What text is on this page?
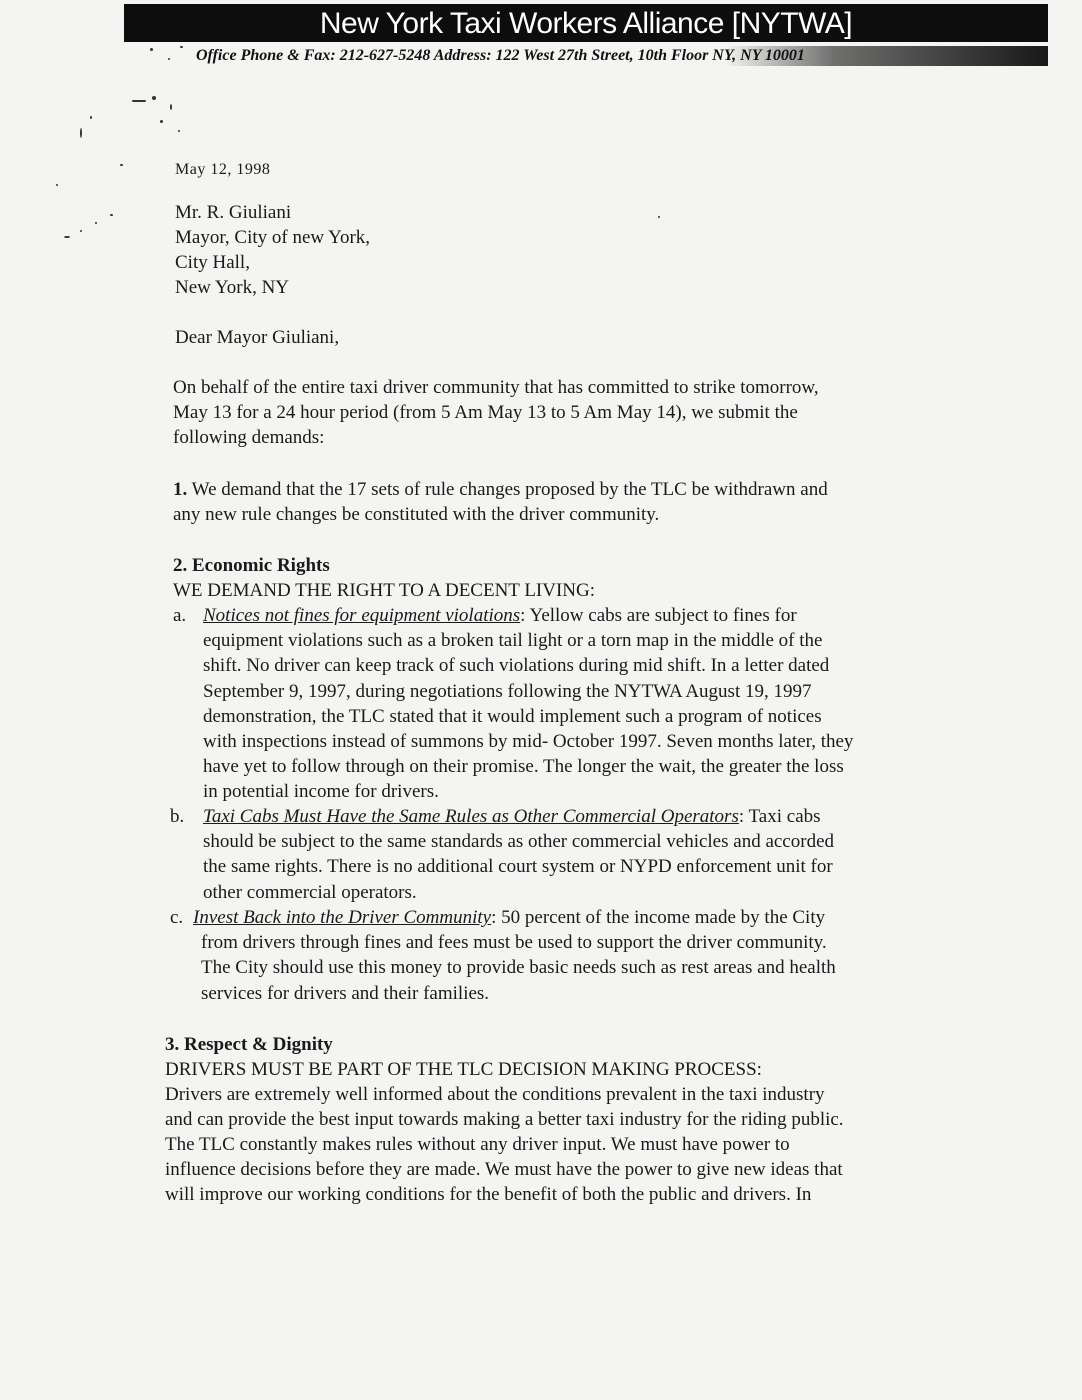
New York Taxi Workers Alliance [NYTWA]
Office Phone & Fax: 212-627-5248 Address: 122 West 27th Street, 10th Floor NY, NY 10001
May 12, 1998
Mr. R. Giuliani
Mayor, City of new York,
City Hall,
New York, NY
Dear Mayor Giuliani,
On behalf of the entire taxi driver community that has committed to strike tomorrow,
May 13 for a 24 hour period (from 5 Am May 13 to 5 Am May 14), we submit the
following demands:
1. We demand that the 17 sets of rule changes proposed by the TLC be withdrawn and
any new rule changes be constituted with the driver community.
2. Economic Rights
WE DEMAND THE RIGHT TO A DECENT LIVING:
a. Notices not fines for equipment violations: Yellow cabs are subject to fines for
equipment violations such as a broken tail light or a torn map in the middle of the
shift. No driver can keep track of such violations during mid shift. In a letter dated
September 9, 1997, during negotiations following the NYTWA August 19, 1997
demonstration, the TLC stated that it would implement such a program of notices
with inspections instead of summons by mid- October 1997. Seven months later, they
have yet to follow through on their promise. The longer the wait, the greater the loss
in potential income for drivers.
b. Taxi Cabs Must Have the Same Rules as Other Commercial Operators: Taxi cabs
should be subject to the same standards as other commercial vehicles and accorded
the same rights. There is no additional court system or NYPD enforcement unit for
other commercial operators.
c. Invest Back into the Driver Community: 50 percent of the income made by the City
from drivers through fines and fees must be used to support the driver community.
The City should use this money to provide basic needs such as rest areas and health
services for drivers and their families.
3. Respect & Dignity
DRIVERS MUST BE PART OF THE TLC DECISION MAKING PROCESS:
Drivers are extremely well informed about the conditions prevalent in the taxi industry
and can provide the best input towards making a better taxi industry for the riding public.
The TLC constantly makes rules without any driver input. We must have power to
influence decisions before they are made. We must have the power to give new ideas that
will improve our working conditions for the benefit of both the public and drivers. In
